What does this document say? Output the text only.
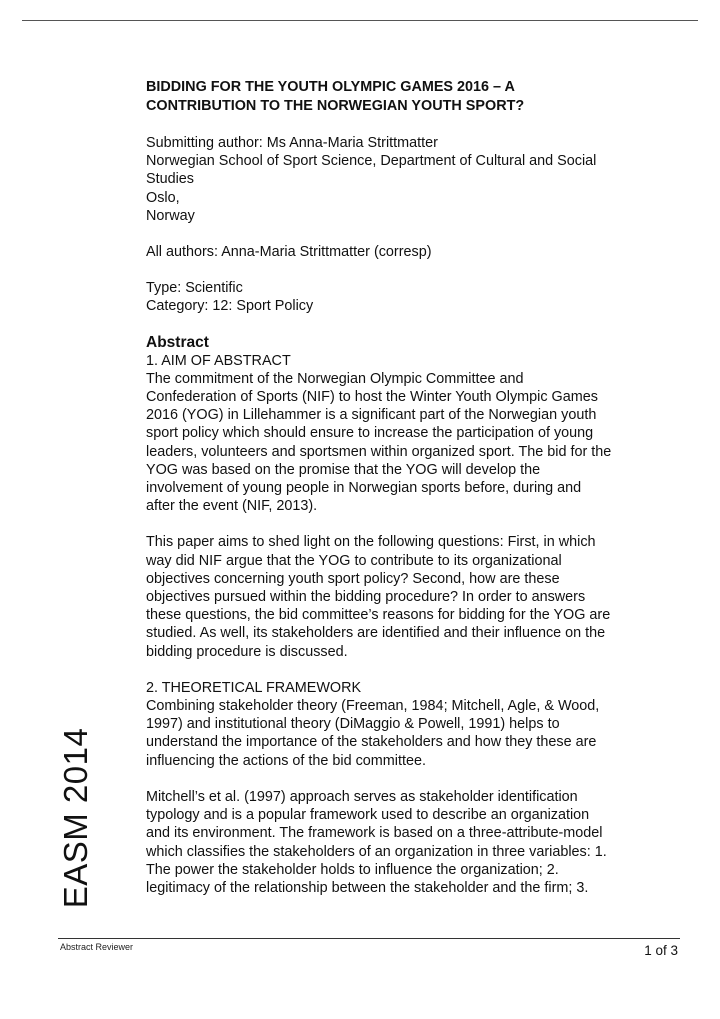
BIDDING FOR THE YOUTH OLYMPIC GAMES 2016 – A
CONTRIBUTION TO THE NORWEGIAN YOUTH SPORT?
Submitting author: Ms Anna-Maria Strittmatter
Norwegian School of Sport Science, Department of Cultural and Social
Studies
Oslo,
Norway
All authors: Anna-Maria Strittmatter (corresp)
Type: Scientific
Category: 12: Sport Policy
Abstract
1. AIM OF ABSTRACT
The commitment of the Norwegian Olympic Committee and
Confederation of Sports (NIF) to host the Winter Youth Olympic Games
2016 (YOG) in Lillehammer is a significant part of the Norwegian youth
sport policy which should ensure to increase the participation of young
leaders, volunteers and sportsmen within organized sport. The bid for the
YOG was based on the promise that the YOG will develop the
involvement of young people in Norwegian sports before, during and
after the event (NIF, 2013).
This paper aims to shed light on the following questions: First, in which
way did NIF argue that the YOG to contribute to its organizational
objectives concerning youth sport policy? Second, how are these
objectives pursued within the bidding procedure? In order to answers
these questions, the bid committee’s reasons for bidding for the YOG are
studied. As well, its stakeholders are identified and their influence on the
bidding procedure is discussed.
2. THEORETICAL FRAMEWORK
Combining stakeholder theory (Freeman, 1984; Mitchell, Agle, & Wood,
1997) and institutional theory (DiMaggio & Powell, 1991) helps to
understand the importance of the stakeholders and how they these are
influencing the actions of the bid committee.
Mitchell’s et al. (1997) approach serves as stakeholder identification
typology and is a popular framework used to describe an organization
and its environment. The framework is based on a three-attribute-model
which classifies the stakeholders of an organization in three variables: 1.
The power the stakeholder holds to influence the organization; 2.
legitimacy of the relationship between the stakeholder and the firm; 3.
EASM 2014
Abstract Reviewer	1 of 3
